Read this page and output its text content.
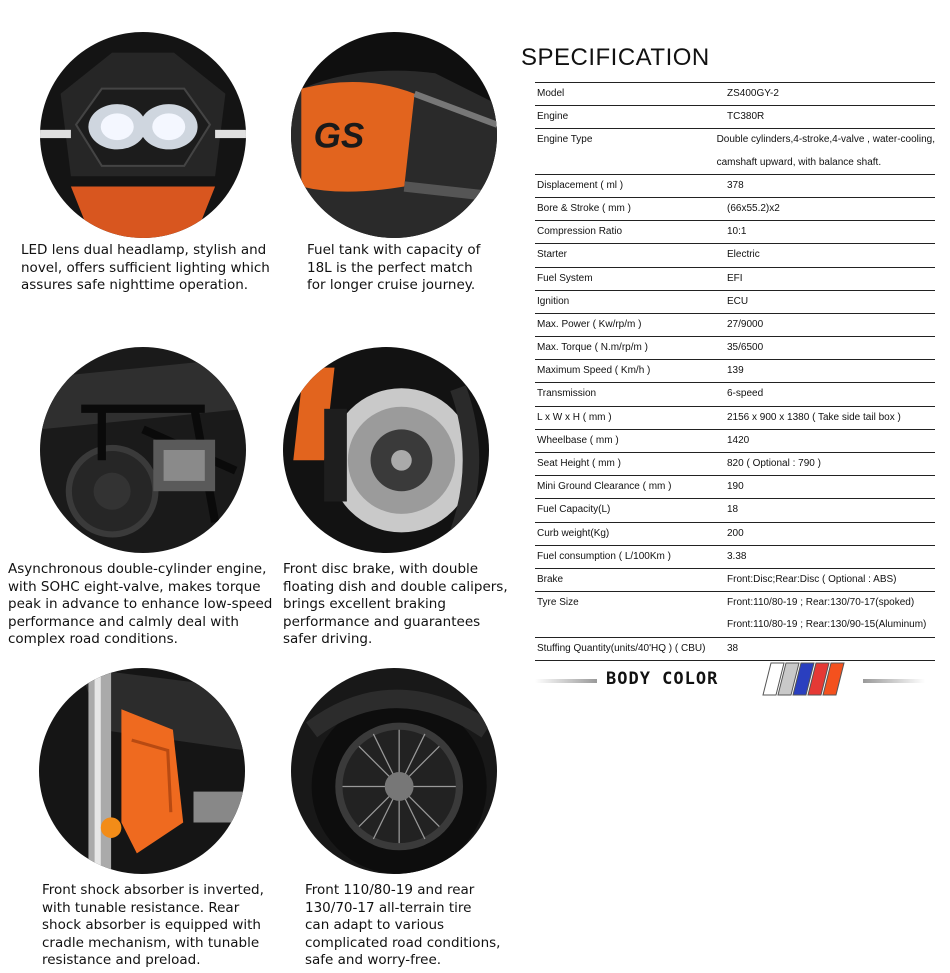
GS
LED lens dual headlamp, stylish and
novel, offers sufficient lighting which
assures safe nighttime operation.
Fuel tank with capacity of
18L is the perfect match
for longer cruise journey.
Asynchronous double-cylinder engine,
with SOHC eight-valve, makes torque
peak in advance to enhance low-speed
performance and calmly deal with
complex road conditions.
Front disc brake, with double
floating dish and double calipers,
brings excellent braking
performance and guarantees
safer driving.
Front shock absorber is inverted,
with tunable resistance. Rear
shock absorber is equipped with
cradle mechanism, with tunable
resistance and preload.
Front 110/80-19 and rear
130/70-17 all-terrain tire
can adapt to various
complicated road conditions,
safe and worry-free.
SPECIFICATION
Model	ZS400GY-2
Engine	TC380R
Engine Type	Double cylinders,4-stroke,4-valve , water-cooling,
camshaft upward, with balance shaft.
Displacement ( ml )	378
Bore & Stroke ( mm )	(66x55.2)x2
Compression Ratio	10:1
Starter	Electric
Fuel System	EFI
Ignition	ECU
Max. Power ( Kw/rp/m )	27/9000
Max. Torque ( N.m/rp/m )	35/6500
Maximum Speed ( Km/h )	139
Transmission	6-speed
L x W x H ( mm )	2156 x 900 x 1380 ( Take side tail box )
Wheelbase ( mm )	1420
Seat Height ( mm )	820 ( Optional : 790 )
Mini Ground Clearance ( mm )	190
Fuel Capacity(L)	18
Curb weight(Kg)	200
Fuel consumption ( L/100Km )	3.38
Brake	Front:Disc;Rear:Disc ( Optional : ABS)
Tyre Size	Front:110/80-19 ; Rear:130/70-17(spoked)
Front:110/80-19 ; Rear:130/90-15(Aluminum)
Stuffing Quantity(units/40'HQ ) ( CBU)	38
BODY COLOR
